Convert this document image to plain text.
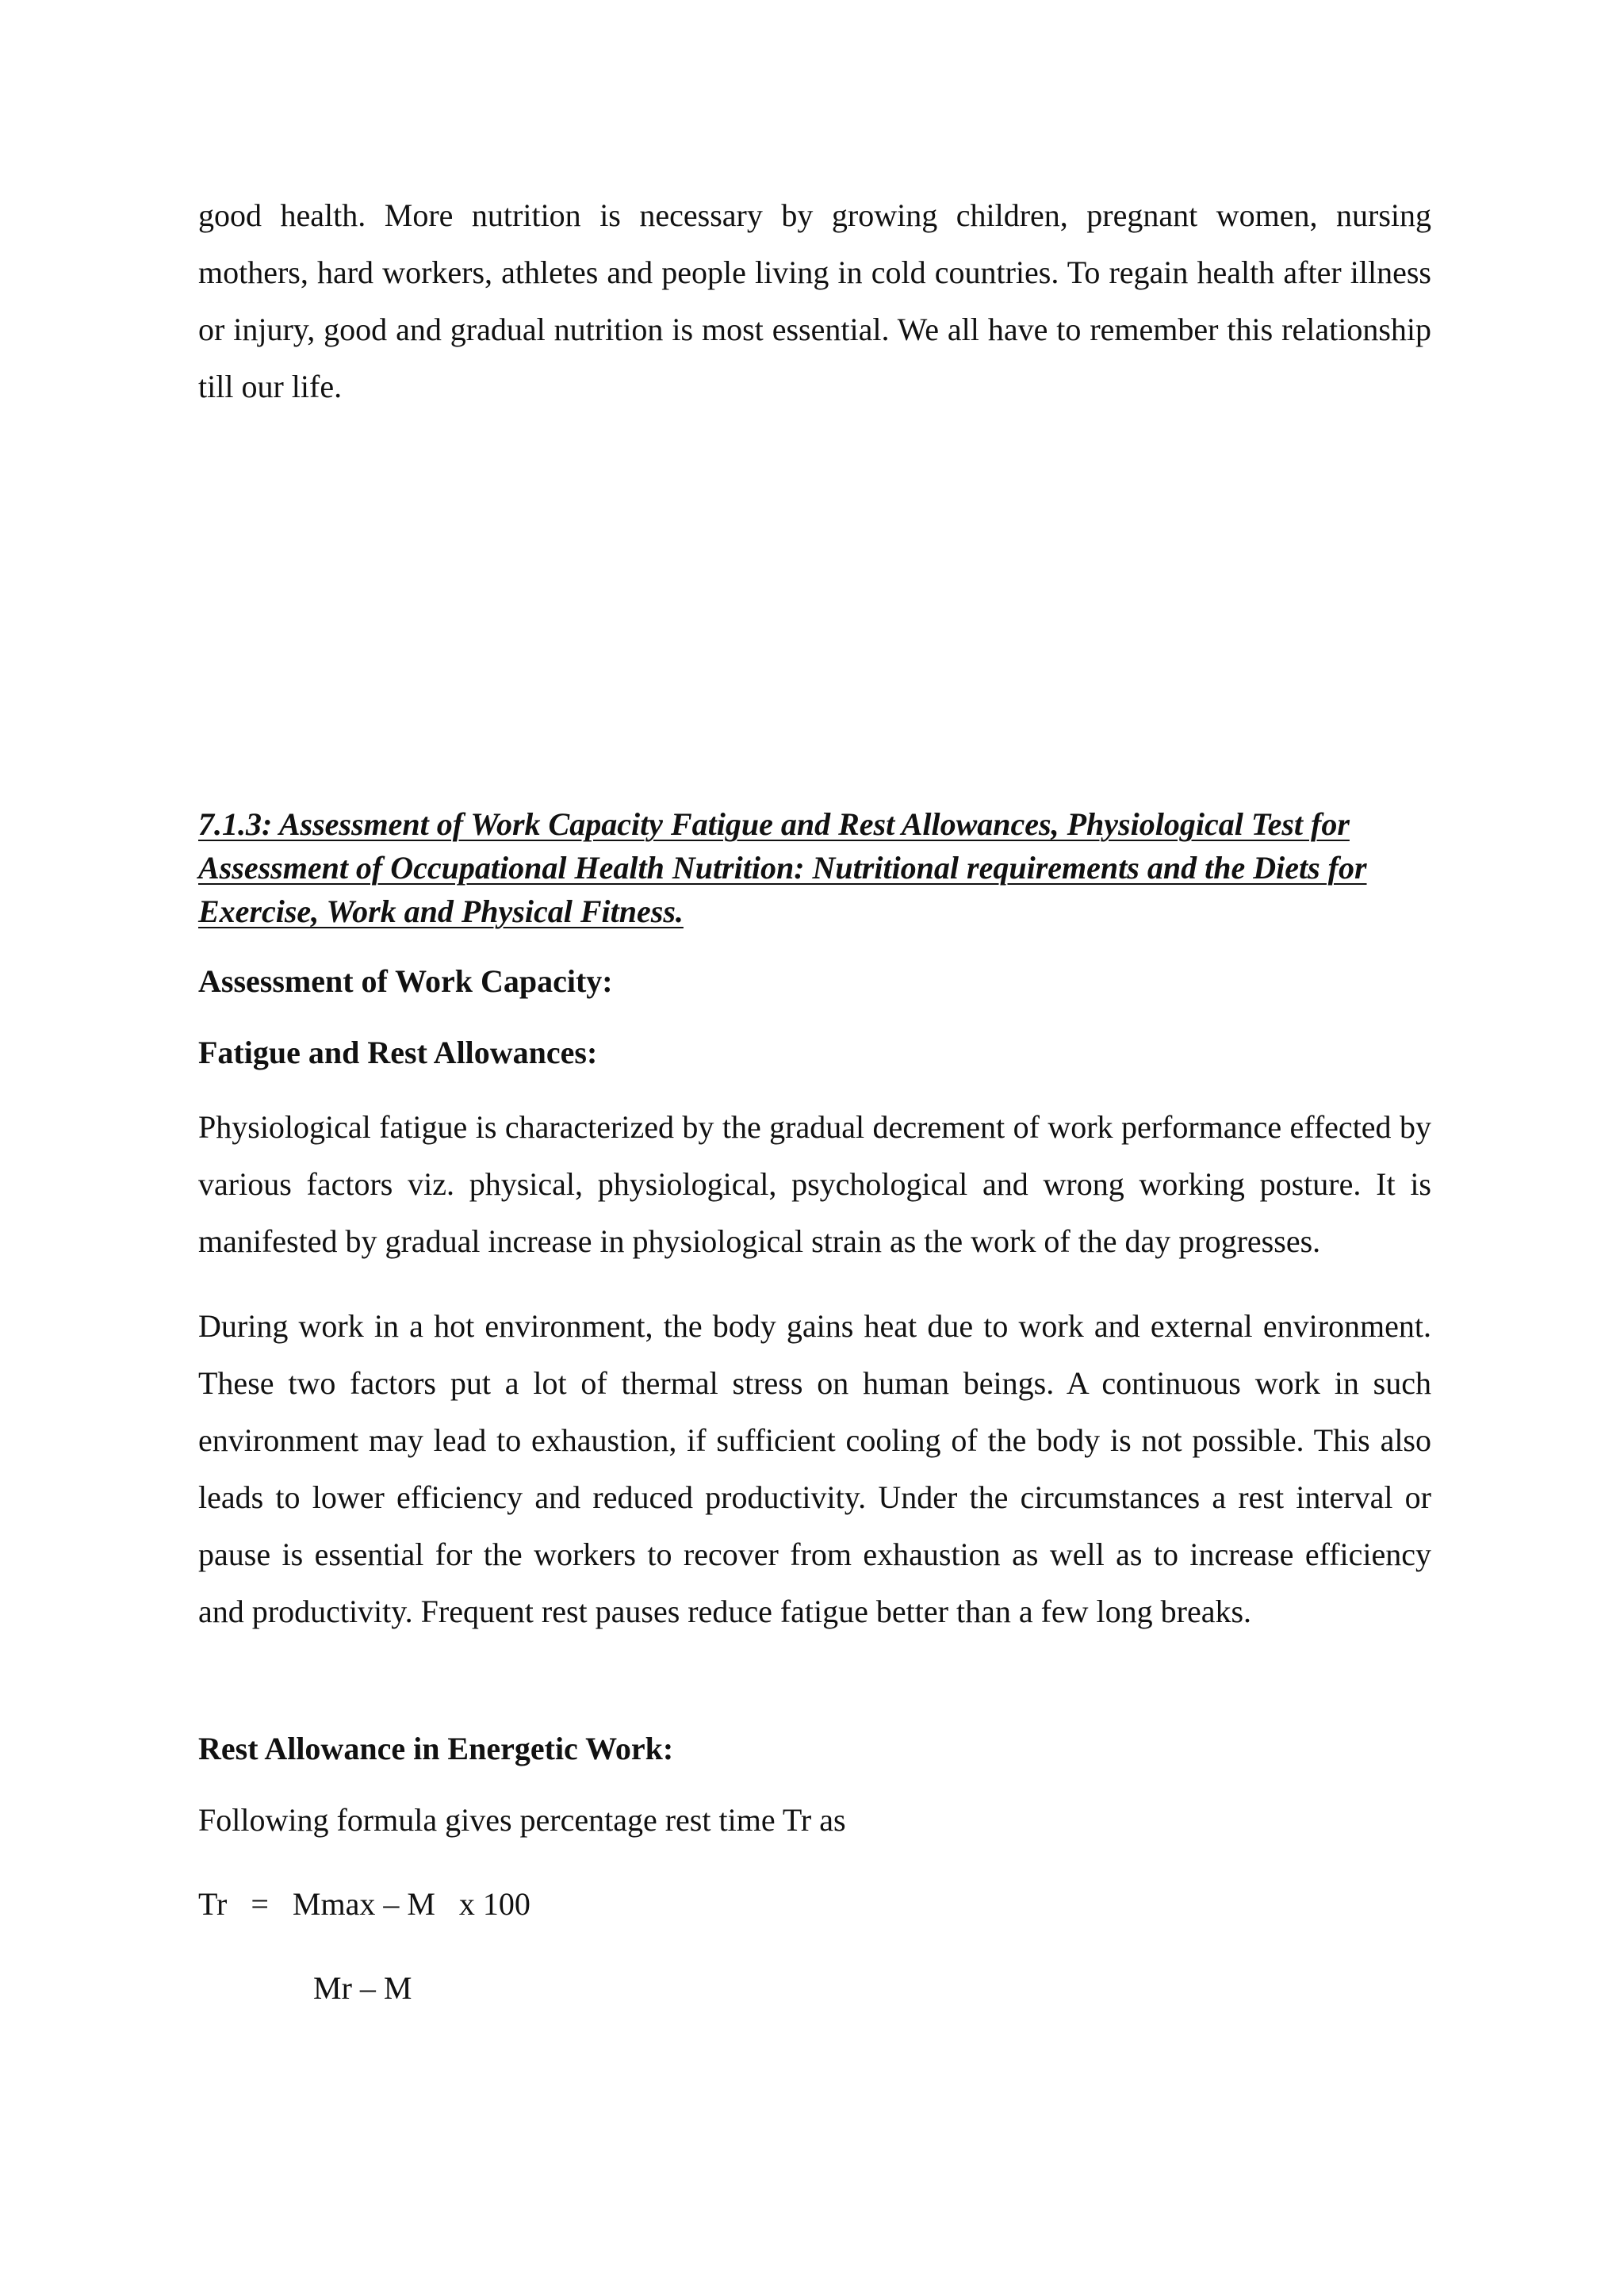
good health. More nutrition is necessary by growing children, pregnant women, nursing mothers, hard workers, athletes and people living in cold countries. To regain health after illness or injury, good and gradual nutrition is most essential. We all have to remember this relationship till our life.

7.1.3: Assessment of Work Capacity Fatigue and Rest Allowances, Physiological Test for Assessment of Occupational Health Nutrition: Nutritional requirements and the Diets for Exercise, Work and Physical Fitness.

Assessment of Work Capacity:

Fatigue and Rest Allowances:

Physiological fatigue is characterized by the gradual decrement of work performance effected by various factors viz. physical, physiological, psychological and wrong working posture. It is manifested by gradual increase in physiological strain as the work of the day progresses.

During work in a hot environment, the body gains heat due to work and external environment. These two factors put a lot of thermal stress on human beings. A continuous work in such environment may lead to exhaustion, if sufficient cooling of the body is not possible. This also leads to lower efficiency and reduced productivity. Under the circumstances a rest interval or pause is essential for the workers to recover from exhaustion as well as to increase efficiency and productivity. Frequent rest pauses reduce fatigue better than a few long breaks.

Rest Allowance in Energetic Work:

Following formula gives percentage rest time Tr as

Tr   =   Mmax – M   x 100
Mr – M
